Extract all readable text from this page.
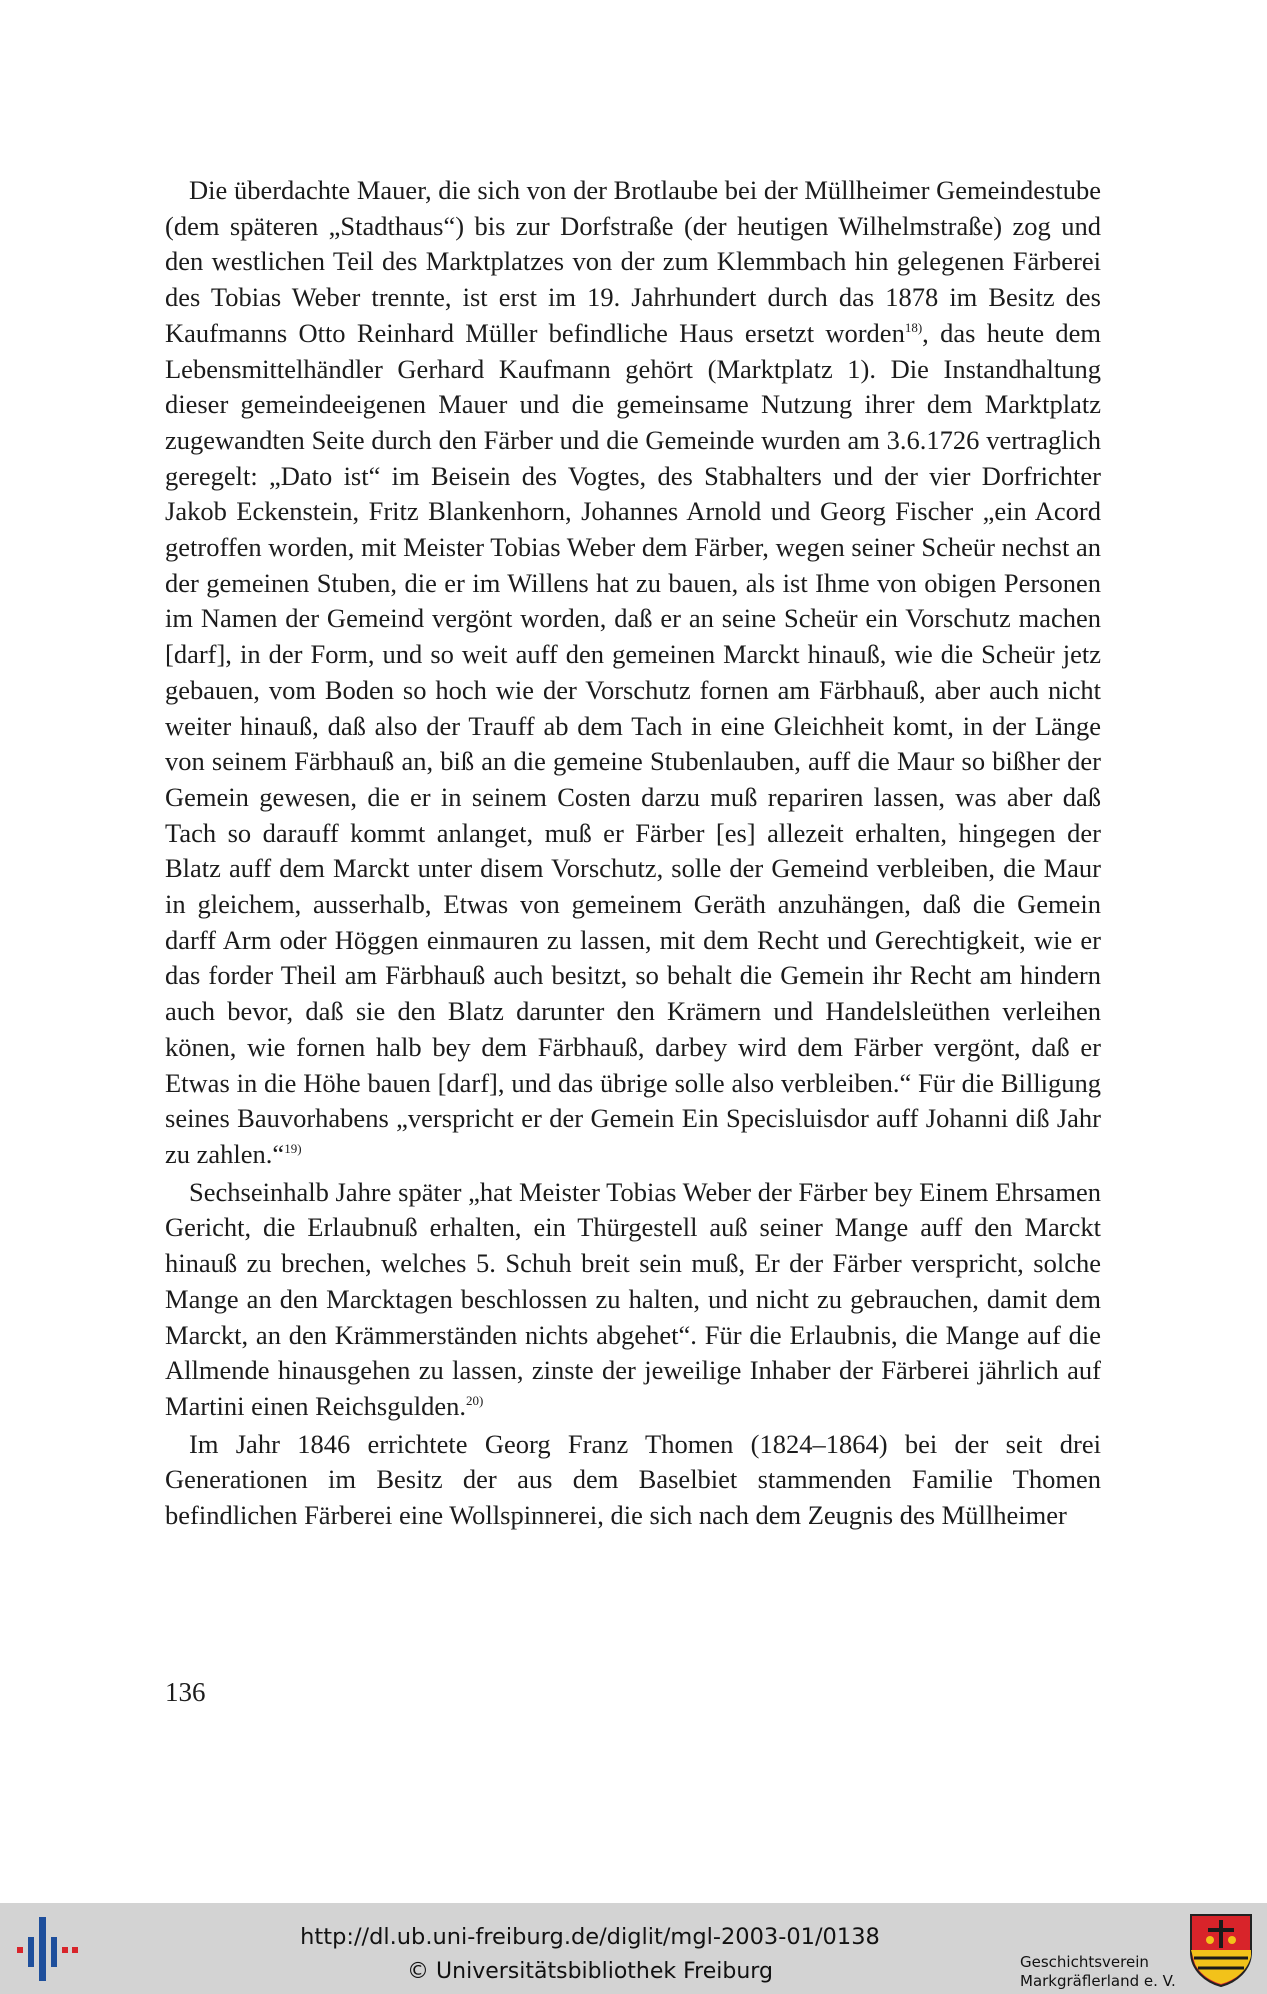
Die überdachte Mauer, die sich von der Brotlaube bei der Müllheimer Gemeindestube (dem späteren „Stadthaus“) bis zur Dorfstraße (der heutigen Wilhelmstraße) zog und den westlichen Teil des Marktplatzes von der zum Klemmbach hin gelegenen Färberei des Tobias Weber trennte, ist erst im 19. Jahrhundert durch das 1878 im Besitz des Kaufmanns Otto Reinhard Müller befindliche Haus ersetzt worden$^{18)}$, das heute dem Lebensmittelhändler Gerhard Kaufmann gehört (Marktplatz 1). Die Instandhaltung dieser gemeindeeigenen Mauer und die gemeinsame Nutzung ihrer dem Marktplatz zugewandten Seite durch den Färber und die Gemeinde wurden am 3.6.1726 vertraglich geregelt: „Dato ist“ im Beisein des Vogtes, des Stabhalters und der vier Dorfrichter Jakob Eckenstein, Fritz Blankenhorn, Johannes Arnold und Georg Fischer „ein Acord getroffen worden, mit Meister Tobias Weber dem Färber, wegen seiner Scheür nechst an der gemeinen Stuben, die er im Willens hat zu bauen, als ist Ihme von obigen Personen im Namen der Gemeind vergönt worden, daß er an seine Scheür ein Vorschutz machen [darf], in der Form, und so weit auff den gemeinen Marckt hinauß, wie die Scheür jetz gebauen, vom Boden so hoch wie der Vorschutz fornen am Färbhauß, aber auch nicht weiter hinauß, daß also der Trauff ab dem Tach in eine Gleichheit komt, in der Länge von seinem Färbhauß an, biß an die gemeine Stubenlauben, auff die Maur so bißher der Gemein gewesen, die er in seinem Costen darzu muß repariren lassen, was aber daß Tach so darauff kommt anlanget, muß er Färber [es] allezeit erhalten, hingegen der Blatz auff dem Marckt unter disem Vorschutz, solle der Gemeind verbleiben, die Maur in gleichem, ausserhalb, Etwas von gemeinem Geräth anzuhängen, daß die Gemein darff Arm oder Höggen einmauren zu lassen, mit dem Recht und Gerechtigkeit, wie er das forder Theil am Färbhauß auch besitzt, so behalt die Gemein ihr Recht am hindern auch bevor, daß sie den Blatz darunter den Krämern und Handelsleüthen verleihen könen, wie fornen halb bey dem Färbhauß, darbey wird dem Färber vergönt, daß er Etwas in die Höhe bauen [darf], und das übrige solle also verbleiben.“ Für die Billigung seines Bauvorhabens „verspricht er der Gemein Ein Specisluisdor auff Johanni diß Jahr zu zahlen.“$^{19)}$

Sechseinhalb Jahre später „hat Meister Tobias Weber der Färber bey Einem Ehrsamen Gericht, die Erlaubnuß erhalten, ein Thürgestell auß seiner Mange auff den Marckt hinauß zu brechen, welches 5. Schuh breit sein muß, Er der Färber verspricht, solche Mange an den Marcktagen beschlossen zu halten, und nicht zu gebrauchen, damit dem Marckt, an den Krämmerständen nichts abgehet“. Für die Erlaubnis, die Mange auf die Allmende hinausgehen zu lassen, zinste der jeweilige Inhaber der Färberei jährlich auf Martini einen Reichsgulden.$^{20)}$

Im Jahr 1846 errichtete Georg Franz Thomen (1824–1864) bei der seit drei Generationen im Besitz der aus dem Baselbiet stammenden Familie Thomen befindlichen Färberei eine Wollspinnerei, die sich nach dem Zeugnis des Müllheimer

136
http://dl.ub.uni-freiburg.de/diglit/mgl-2003-01/0138
© Universitätsbibliothek Freiburg	Geschichtsverein
Markgräflerland e. V.
